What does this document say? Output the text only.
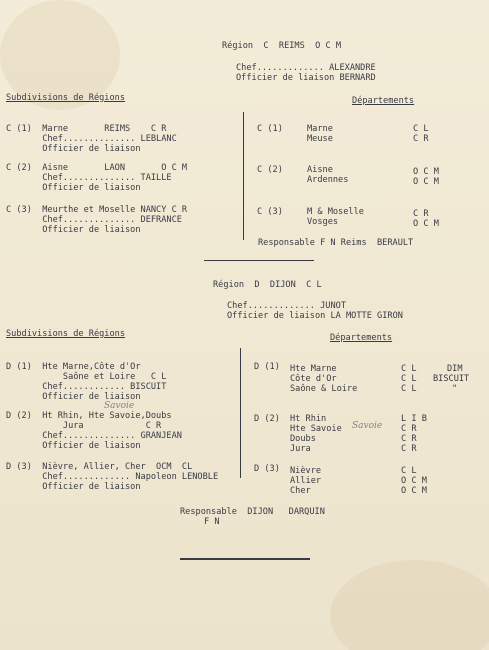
Région  C  REIMS  O C M
Chef............. ALEXANDRE
Officier de liaison BERNARD
Subdivisions de Régions	Départements
C (1)  Marne       REIMS    C R
Chef.............. LEBLANC
Officier de liaison
C (2)  Aisne       LAON       O C M
Chef.............. TAILLE
Officier de liaison
C (3)  Meurthe et Moselle NANCY C R
Chef.............. DEFRANCE
Officier de liaison
C (1)	Marne	C L
Meuse	C R
C (2)	Aisne	O C M
Ardennes	O C M
C (3)	M & Moselle	C R
Vosges	O C M
Responsable F N Reims  BERAULT
Région  D  DIJON  C L
Chef............. JUNOT
Officier de liaison LA MOTTE GIRON
Subdivisions de Régions	Départements
D (1)  Hte Marne,Côte d'Or
Saône et Loire   C L
Chef............ BISCUIT
Officier de liaison
Savoie
D (2)  Ht Rhin, Hte Savoie,Doubs
Jura            C R
Chef.............. GRANJEAN
Officier de liaison
D (3)  Nièvre, Allier, Cher  OCM  CL
Chef............. Napoleon LENOBLE
Officier de liaison
D (1) Hte Marne	C L	DIM
Côte d'Or	C L BISCUIT
Saône & Loire	C L	"
D (2) Ht Rhin	L I B
Hte Savoie Savoie C R
Doubs	C R
Jura	C R
D (3) Nièvre	C L
Allier	O C M
Cher	O C M
Responsable  DIJON   DARQUIN
F N
